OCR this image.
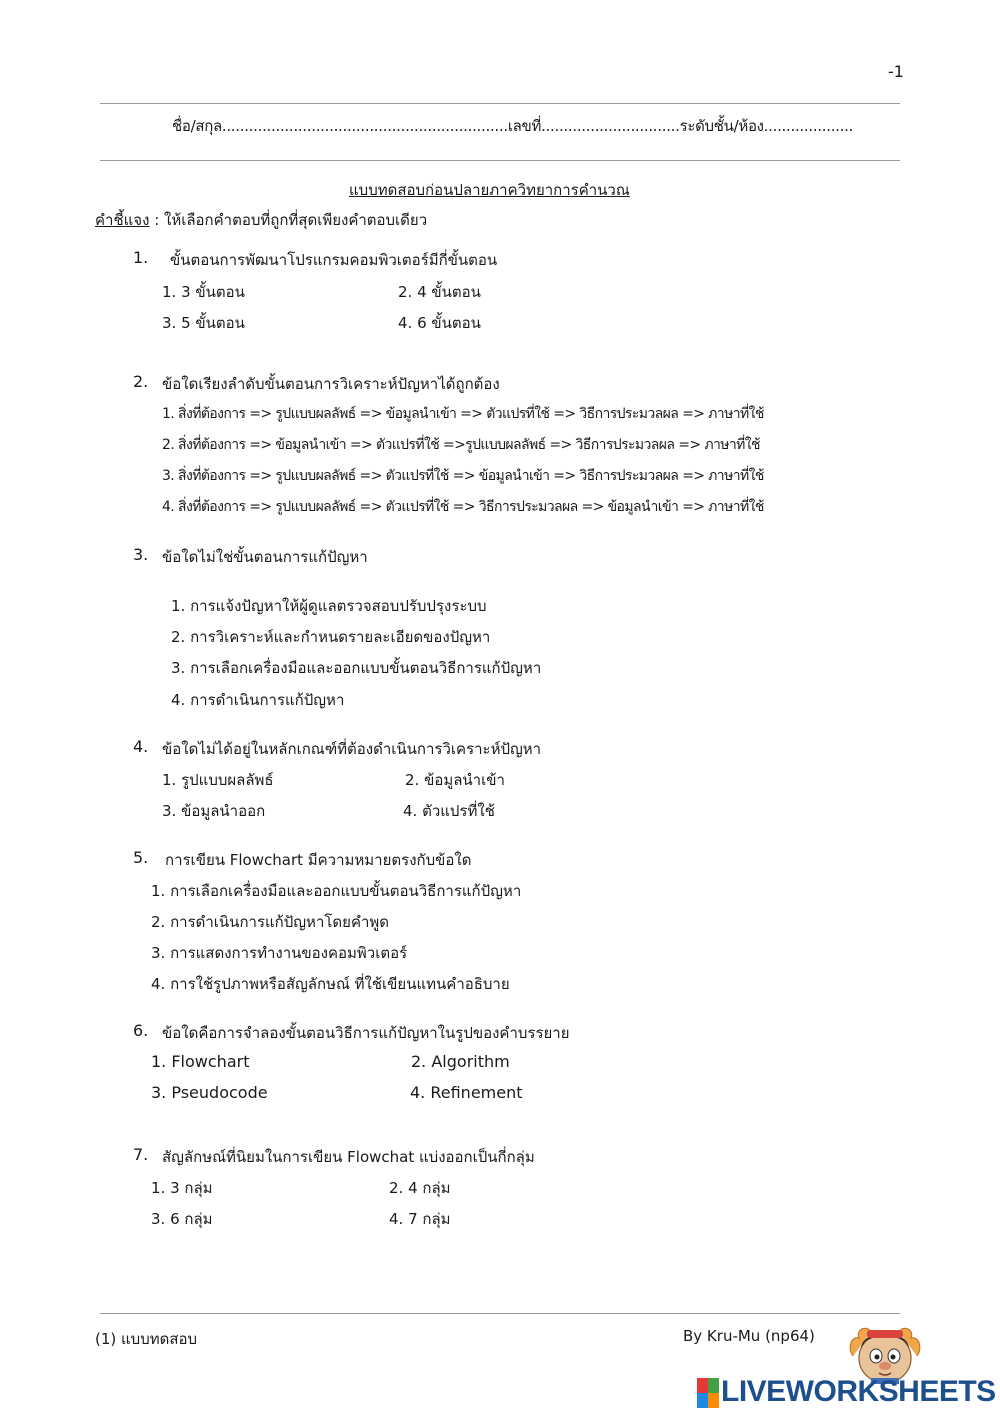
-1
ชื่อ/สกุล................................................................เลขที่...............................ระดับชั้น/ห้อง....................
แบบทดสอบก่อนปลายภาควิทยาการคำนวณ
คำชี้แจง : ให้เลือกคำตอบที่ถูกที่สุดเพียงคำตอบเดียว
1. ขั้นตอนการพัฒนาโปรแกรมคอมพิวเตอร์มีกี่ขั้นตอน
1. 3 ขั้นตอน	2. 4 ขั้นตอน
3. 5 ขั้นตอน	4. 6 ขั้นตอน
2. ข้อใดเรียงลำดับขั้นตอนการวิเคราะห์ปัญหาได้ถูกต้อง
1. สิ่งที่ต้องการ => รูปแบบผลลัพธ์ => ข้อมูลนำเข้า => ตัวแปรที่ใช้ => วิธีการประมวลผล => ภาษาที่ใช้
2. สิ่งที่ต้องการ => ข้อมูลนำเข้า => ตัวแปรที่ใช้ =>รูปแบบผลลัพธ์ => วิธีการประมวลผล => ภาษาที่ใช้
3. สิ่งที่ต้องการ => รูปแบบผลลัพธ์ => ตัวแปรที่ใช้ => ข้อมูลนำเข้า => วิธีการประมวลผล => ภาษาที่ใช้
4. สิ่งที่ต้องการ => รูปแบบผลลัพธ์ => ตัวแปรที่ใช้ => วิธีการประมวลผล => ข้อมูลนำเข้า => ภาษาที่ใช้
3. ข้อใดไม่ใช่ขั้นตอนการแก้ปัญหา
1. การแจ้งปัญหาให้ผู้ดูแลตรวจสอบปรับปรุงระบบ
2. การวิเคราะห์และกำหนดรายละเอียดของปัญหา
3. การเลือกเครื่องมือและออกแบบขั้นตอนวิธีการแก้ปัญหา
4. การดำเนินการแก้ปัญหา
4. ข้อใดไม่ได้อยู่ในหลักเกณฑ์ที่ต้องดำเนินการวิเคราะห์ปัญหา
1. รูปแบบผลลัพธ์	2. ข้อมูลนำเข้า
3. ข้อมูลนำออก	4. ตัวแปรที่ใช้
5. การเขียน Flowchart มีความหมายตรงกับข้อใด
1. การเลือกเครื่องมือและออกแบบขั้นตอนวิธีการแก้ปัญหา
2. การดำเนินการแก้ปัญหาโดยคำพูด
3. การแสดงการทำงานของคอมพิวเตอร์
4. การใช้รูปภาพหรือสัญลักษณ์ ที่ใช้เขียนแทนคำอธิบาย
6. ข้อใดคือการจำลองขั้นตอนวิธีการแก้ปัญหาในรูปของคำบรรยาย
1. Flowchart	2. Algorithm
3. Pseudocode	4. Refinement
7. สัญลักษณ์ที่นิยมในการเขียน Flowchat แบ่งออกเป็นกี่กลุ่ม
1. 3 กลุ่ม	2. 4 กลุ่ม
3. 6 กลุ่ม	4. 7 กลุ่ม
(1) แบบทดสอบ	By Kru-Mu (np64)
LIVEWORKSHEETS
